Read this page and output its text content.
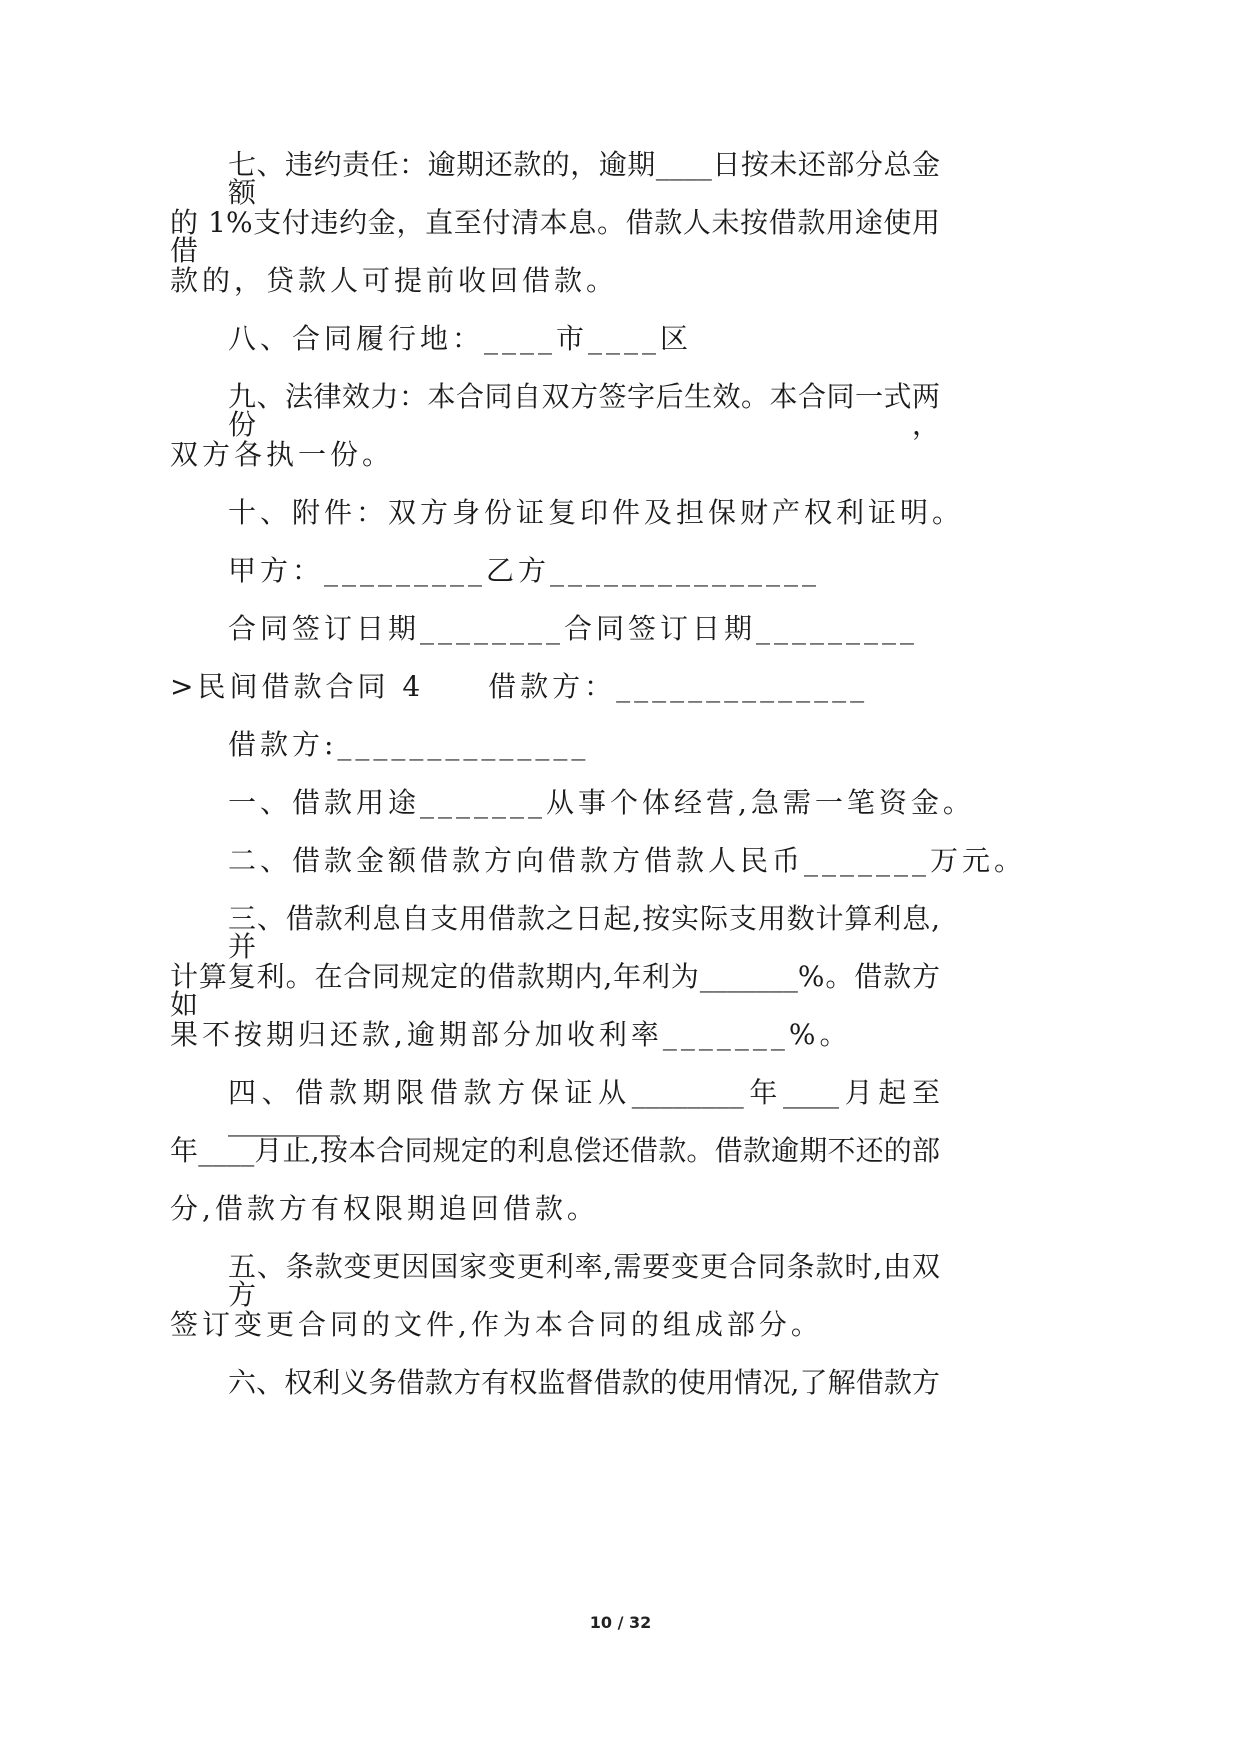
七、违约责任：逾期还款的，逾期____日按未还部分总金额
的 1%支付违约金，直至付清本息。借款人未按借款用途使用借
款的，贷款人可提前收回借款。
八、合同履行地：____市____区
九、法律效力：本合同自双方签字后生效。本合同一式两份，
双方各执一份。
十、附件：双方身份证复印件及担保财产权利证明。
甲方：_________乙方_______________
合同签订日期________合同签订日期_________
>民间借款合同 4　　借款方：______________
借款方:______________
一、借款用途_______从事个体经营,急需一笔资金。
二、借款金额借款方向借款方借款人民币_______万元。
三、借款利息自支用借款之日起,按实际支用数计算利息,并
计算复利。在合同规定的借款期内,年利为_______%。借款方如
果不按期归还款,逾期部分加收利率_______%。
四、借款期限借款方保证从________年____月起至________
年____月止,按本合同规定的利息偿还借款。借款逾期不还的部
分,借款方有权限期追回借款。
五、条款变更因国家变更利率,需要变更合同条款时,由双方
签订变更合同的文件,作为本合同的组成部分。
六、权利义务借款方有权监督借款的使用情况,了解借款方
10 / 32
